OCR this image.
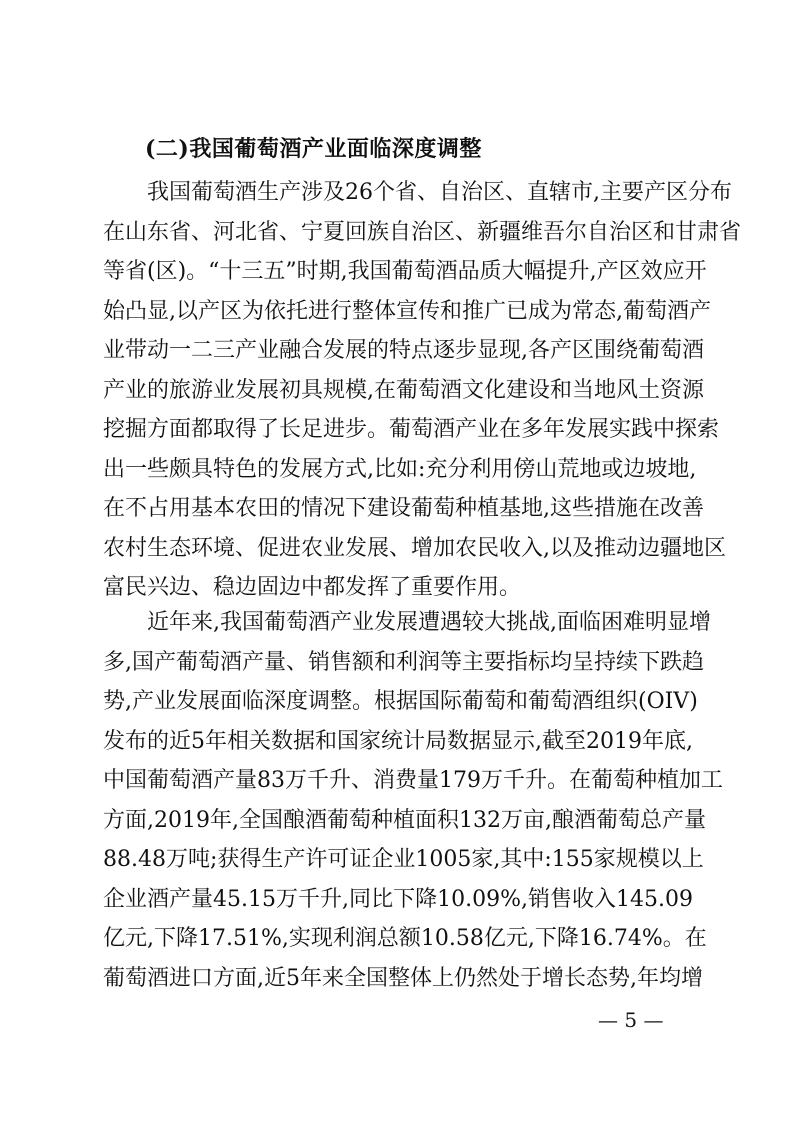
(二)我国葡萄酒产业面临深度调整
我国葡萄酒生产涉及26个省、自治区、直辖市,主要产区分布
在山东省、河北省、宁夏回族自治区、新疆维吾尔自治区和甘肃省
等省(区)。“十三五”时期,我国葡萄酒品质大幅提升,产区效应开
始凸显,以产区为依托进行整体宣传和推广已成为常态,葡萄酒产
业带动一二三产业融合发展的特点逐步显现,各产区围绕葡萄酒
产业的旅游业发展初具规模,在葡萄酒文化建设和当地风土资源
挖掘方面都取得了长足进步。葡萄酒产业在多年发展实践中探索
出一些颇具特色的发展方式,比如:充分利用傍山荒地或边坡地,
在不占用基本农田的情况下建设葡萄种植基地,这些措施在改善
农村生态环境、促进农业发展、增加农民收入,以及推动边疆地区
富民兴边、稳边固边中都发挥了重要作用。
近年来,我国葡萄酒产业发展遭遇较大挑战,面临困难明显增
多,国产葡萄酒产量、销售额和利润等主要指标均呈持续下跌趋
势,产业发展面临深度调整。根据国际葡萄和葡萄酒组织(OIV)
发布的近5年相关数据和国家统计局数据显示,截至2019年底,
中国葡萄酒产量83万千升、消费量179万千升。在葡萄种植加工
方面,2019年,全国酿酒葡萄种植面积132万亩,酿酒葡萄总产量
88.48万吨;获得生产许可证企业1005家,其中:155家规模以上
企业酒产量45.15万千升,同比下降10.09%,销售收入145.09
亿元,下降17.51%,实现利润总额10.58亿元,下降16.74%。在
葡萄酒进口方面,近5年来全国整体上仍然处于增长态势,年均增
— 5 —
